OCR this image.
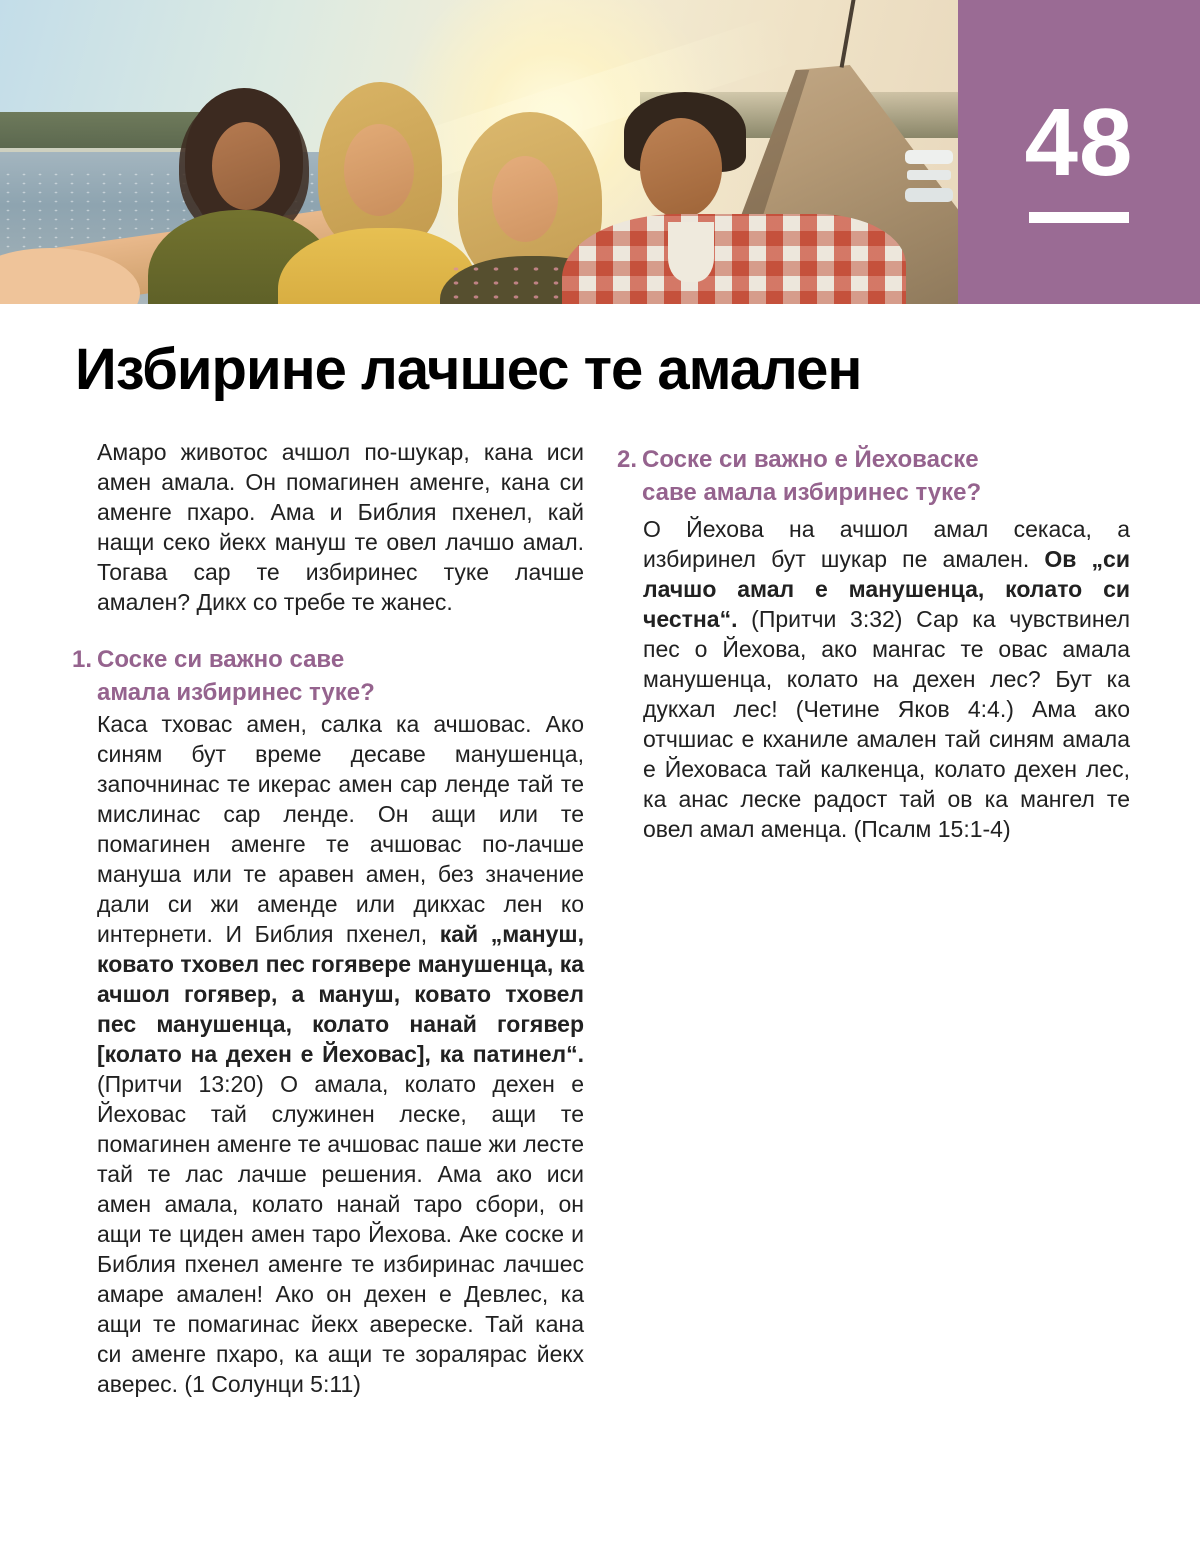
48
Избирине лачшес те амален

Амаро животос ачшол по-шукар, кана иси амен амала. Он помагинен аменге, кана си аменге пхаро. Ама и Библия пхенел, кай нащи секо йекх мануш те овел лачшо амал. Тогава сар те избиринес туке лачше амален? Дикх со требе те жанес.

1. Соске си важно саве
амала избиринес туке?

Каса тховас амен, салка ка ачшовас. Ако синям бут време десаве манушенца, започнинас те икерас амен сар ленде тай те мислинас сар ленде. Он ащи или те помагинен аменге те ачшовас по-лачше мануша или те аравен амен, без значение дали си жи аменде или дикхас лен ко интернети. И Библия пхенел, кай „мануш, ковато тховел пес гогявере манушенца, ка ачшол гогявер, а мануш, ковато тховел пес манушенца, колато нанай гогявер [колато на дехен е Йеховас], ка патинел“. (Притчи 13:20) О амала, колато дехен е Йеховас тай служинен леске, ащи те помагинен аменге те ачшовас паше жи лесте тай те лас лачше решения. Ама ако иси амен амала, колато нанай таро сбори, он ащи те циден амен таро Йехова. Аке соске и Библия пхенел аменге те избиринас лачшес амаре амален! Ако он дехен е Девлес, ка ащи те помагинас йекх авереске. Тай кана си аменге пхаро, ка ащи те зоралярас йекх аверес. (1 Солунци 5:11)

2. Соске си важно е Йеховаске
саве амала избиринес туке?

О Йехова на ачшол амал секаса, а избиринел бут шукар пе амален. Ов „си лачшо амал е манушенца, колато си честна“. (Притчи 3:32) Сар ка чувствинел пес о Йехова, ако мангас те овас амала манушенца, колато на дехен лес? Бут ка дукхал лес! (Четине Яков 4:4.) Ама ако отчшиас е кханиле амален тай синям амала е Йеховаса тай калкенца, колато дехен лес, ка анас леске радост тай ов ка мангел те овел амал аменца. (Псалм 15:1-4)
